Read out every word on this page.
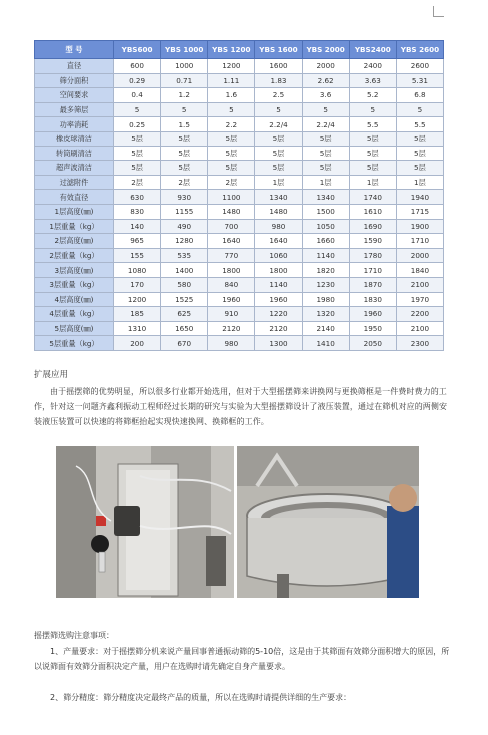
型 号	YBS600	YBS 1000	YBS 1200	YBS 1600	YBS 2000	YBS2400	YBS 2600
直径	600	1000	1200	1600	2000	2400	2600
筛分面积	0.29	0.71	1.11	1.83	2.62	3.63	5.31
空间要求	0.4	1.2	1.6	2.5	3.6	5.2	6.8
最多筛层	5	5	5	5	5	5	5
功率消耗	0.25	1.5	2.2	2.2/4	2.2/4	5.5	5.5
橡皮球清洁	5层	5层	5层	5层	5层	5层	5层
转筒刷清洁	5层	5层	5层	5层	5层	5层	5层
超声波清洁	5层	5层	5层	5层	5层	5层	5层
过滤附件	2层	2层	2层	1层	1层	1层	1层
有效直径	630	930	1100	1340	1340	1740	1940
1层高度(㎜)	830	1155	1480	1480	1500	1610	1715
1层重量（kg）	140	490	700	980	1050	1690	1900
2层高度(㎜)	965	1280	1640	1640	1660	1590	1710
2层重量（kg）	155	535	770	1060	1140	1780	2000
3层高度(㎜)	1080	1400	1800	1800	1820	1710	1840
3层重量（kg）	170	580	840	1140	1230	1870	2100
4层高度(㎜)	1200	1525	1960	1960	1980	1830	1970
4层重量（kg）	185	625	910	1220	1320	1960	2200
5层高度(㎜)	1310	1650	2120	2120	2140	1950	2100
5层重量（kg）	200	670	980	1300	1410	2050	2300
扩展应用
由于摇摆筛的优势明显，所以很多行业都开始选用，但对于大型摇摆筛来讲换网与更换筛框是一件费时费力的工作，针对这一问题齐鑫利振动工程师经过长期的研究与实验为大型摇摆筛设计了液压装置，通过在筛机对应的两侧安装液压装置可以快速的将筛框抬起实现快速换网、换筛框的工作。
摇摆筛选购注意事项：
1、产量要求：对于摇摆筛分机来说产量回事普通振动筛的5-10倍，这是由于其筛面有效筛分面积增大的原因，所以说筛面有效筛分面积决定产量，用户在选购时请先确定自身产量要求。
2、筛分精度：筛分精度决定最终产品的质量，所以在选购时请提供详细的生产要求：
